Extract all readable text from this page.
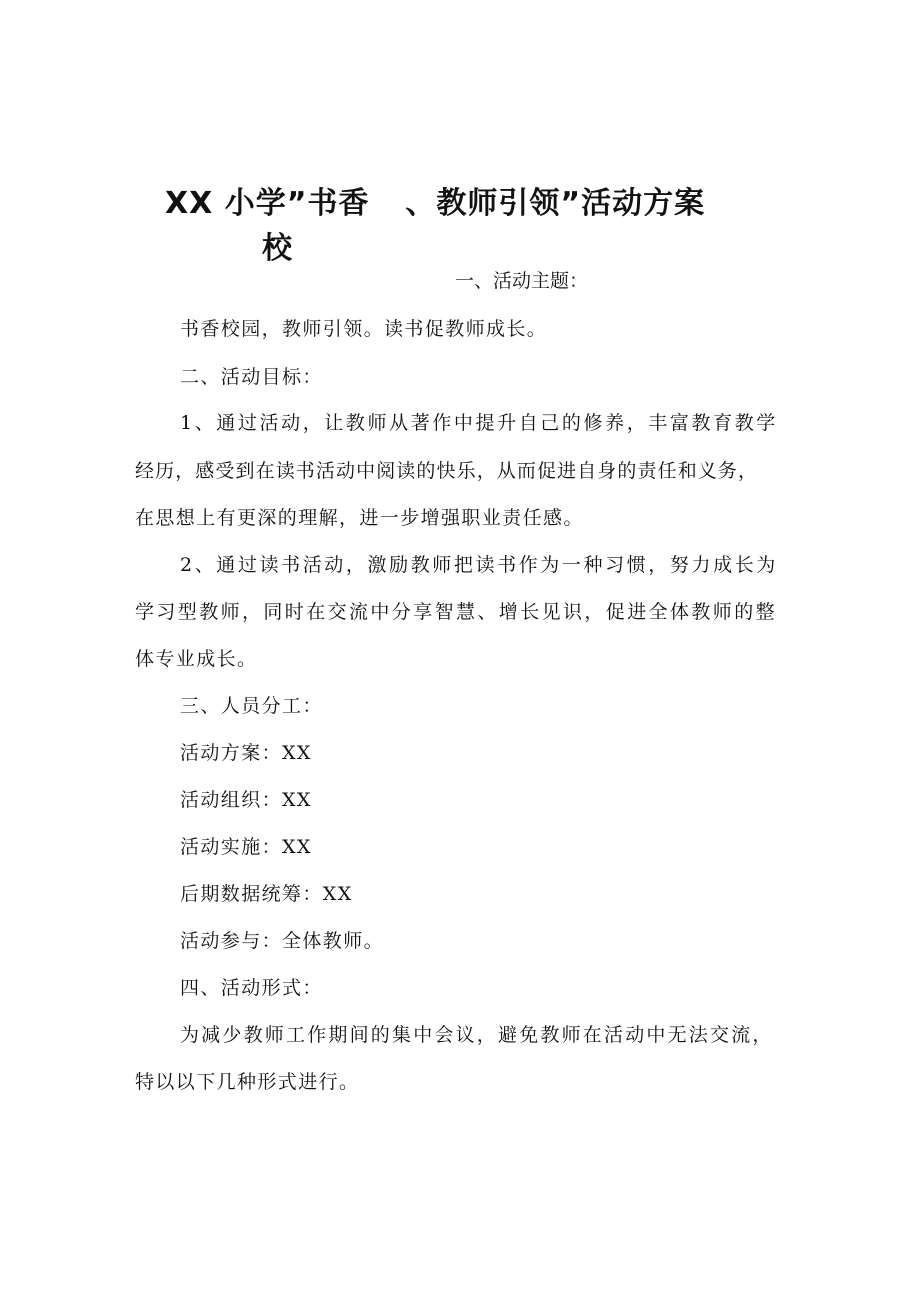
XX 小学”书香 、教师引领”活动方案
校
一、活动主题：
书香校园，教师引领。读书促教师成长。
二、活动目标：
1、通过活动，让教师从著作中提升自己的修养，丰富教育教学
经历，感受到在读书活动中阅读的快乐，从而促进自身的责任和义务，
在思想上有更深的理解，进一步增强职业责任感。
2、通过读书活动，激励教师把读书作为一种习惯，努力成长为
学习型教师，同时在交流中分享智慧、增长见识，促进全体教师的整
体专业成长。
三、人员分工：
活动方案：XX
活动组织：XX
活动实施：XX
后期数据统筹：XX
活动参与：全体教师。
四、活动形式：
为减少教师工作期间的集中会议，避免教师在活动中无法交流，
特以以下几种形式进行。
